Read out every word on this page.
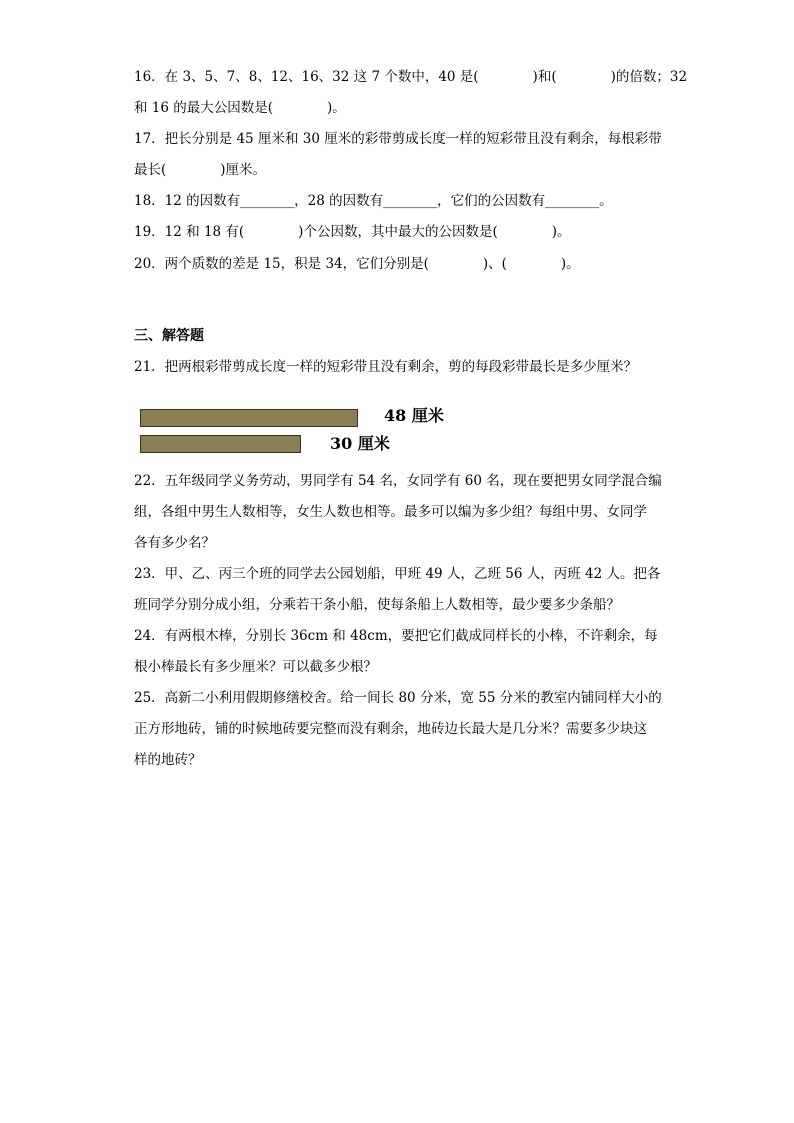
16．在 3、5、7、8、12、16、32 这 7 个数中，40 是(　　　　)和(　　　　)的倍数；32
和 16 的最大公因数是(　　　　)。
17．把长分别是 45 厘米和 30 厘米的彩带剪成长度一样的短彩带且没有剩余，每根彩带
最长(　　　　)厘米。
18．12 的因数有________，28 的因数有________，它们的公因数有________。
19．12 和 18 有(　　　　)个公因数，其中最大的公因数是(　　　　)。
20．两个质数的差是 15，积是 34，它们分别是(　　　　)、(　　　　)。
三、解答题
21．把两根彩带剪成长度一样的短彩带且没有剩余，剪的每段彩带最长是多少厘米？
48 厘米
30 厘米
22．五年级同学义务劳动，男同学有 54 名，女同学有 60 名，现在要把男女同学混合编
组，各组中男生人数相等，女生人数也相等。最多可以编为多少组？每组中男、女同学
各有多少名？
23．甲、乙、丙三个班的同学去公园划船，甲班 49 人，乙班 56 人，丙班 42 人。把各
班同学分别分成小组，分乘若干条小船，使每条船上人数相等，最少要多少条船？
24．有两根木棒，分别长 36cm 和 48cm，要把它们截成同样长的小棒，不许剩余，每
根小棒最长有多少厘米？可以截多少根？
25．高新二小利用假期修缮校舍。给一间长 80 分米，宽 55 分米的教室内铺同样大小的
正方形地砖，铺的时候地砖要完整而没有剩余，地砖边长最大是几分米？需要多少块这
样的地砖？
